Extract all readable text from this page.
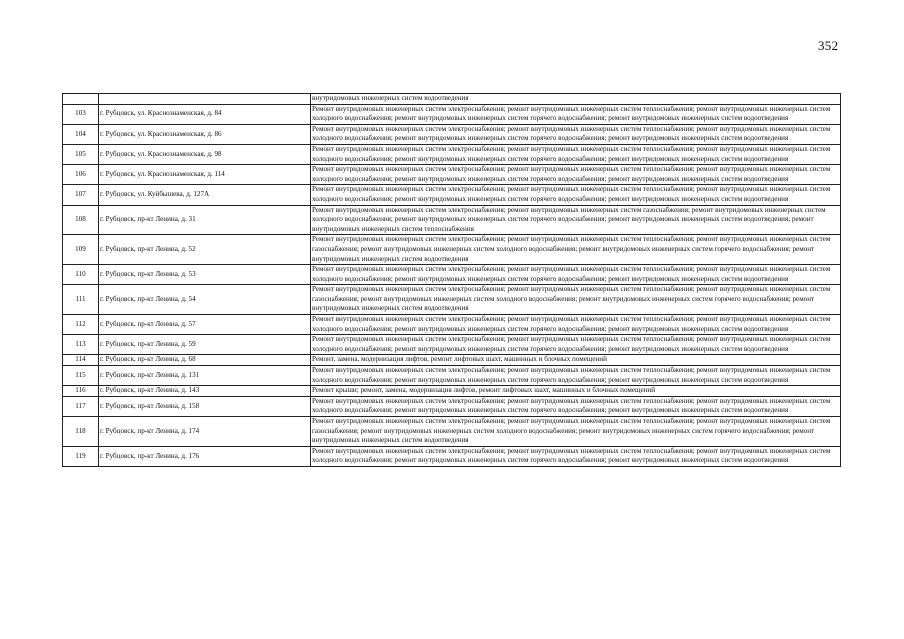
352
		внутридомовых инженерных систем водоотведения
103	г. Рубцовск, ул. Краснознаменская, д. 84	Ремонт внутридомовых инженерных систем электроснабжения; ремонт внутридомовых инженерных систем теплоснабжения; ремонт внутридомовых инженерных систем холодного водоснабжения; ремонт внутридомовых инженерных систем горячего водоснабжения; ремонт внутридомовых инженерных систем водоотведения
104	г. Рубцовск, ул. Краснознаменская, д. 86	Ремонт внутридомовых инженерных систем электроснабжения; ремонт внутридомовых инженерных систем теплоснабжения; ремонт внутридомовых инженерных систем холодного водоснабжения; ремонт внутридомовых инженерных систем горячего водоснабжения; ремонт внутридомовых инженерных систем водоотведения
105	г. Рубцовск, ул. Краснознаменская, д. 98	Ремонт внутридомовых инженерных систем электроснабжения; ремонт внутридомовых инженерных систем теплоснабжения; ремонт внутридомовых инженерных систем холодного водоснабжения; ремонт внутридомовых инженерных систем горячего водоснабжения; ремонт внутридомовых инженерных систем водоотведения
106	г. Рубцовск, ул. Краснознаменская, д. 114	Ремонт внутридомовых инженерных систем электроснабжения; ремонт внутридомовых инженерных систем теплоснабжения; ремонт внутридомовых инженерных систем холодного водоснабжения; ремонт внутридомовых инженерных систем горячего водоснабжения; ремонт внутридомовых инженерных систем водоотведения
107	г. Рубцовск, ул. Куйбышева, д. 127А	Ремонт внутридомовых инженерных систем электроснабжения; ремонт внутридомовых инженерных систем теплоснабжения; ремонт внутридомовых инженерных систем холодного водоснабжения; ремонт внутридомовых инженерных систем горячего водоснабжения; ремонт внутридомовых инженерных систем водоотведения
108	г. Рубцовск, пр-кт Ленина, д. 31	Ремонт внутридомовых инженерных систем электроснабжения; ремонт внутридомовых инженерных систем газоснабжения; ремонт внутридомовых инженерных систем холодного водоснабжения; ремонт внутридомовых инженерных систем горячего водоснабжения; ремонт внутридомовых инженерных систем водоотведения; ремонт внутридомовых инженерных систем теплоснабжения
109	г. Рубцовск, пр-кт Ленина, д. 52	Ремонт внутридомовых инженерных систем электроснабжения; ремонт внутридомовых инженерных систем теплоснабжения; ремонт внутридомовых инженерных систем газоснабжения; ремонт внутридомовых инженерных систем холодного водоснабжения; ремонт внутридомовых инженерных систем горячего водоснабжения; ремонт внутридомовых инженерных систем водоотведения
110	г. Рубцовск, пр-кт Ленина, д. 53	Ремонт внутридомовых инженерных систем электроснабжения; ремонт внутридомовых инженерных систем теплоснабжения; ремонт внутридомовых инженерных систем холодного водоснабжения; ремонт внутридомовых инженерных систем горячего водоснабжения; ремонт внутридомовых инженерных систем водоотведения
111	г. Рубцовск, пр-кт Ленина, д. 54	Ремонт внутридомовых инженерных систем электроснабжения; ремонт внутридомовых инженерных систем теплоснабжения; ремонт внутридомовых инженерных систем газоснабжения; ремонт внутридомовых инженерных систем холодного водоснабжения; ремонт внутридомовых инженерных систем горячего водоснабжения; ремонт внутридомовых инженерных систем водоотведения
112	г. Рубцовск, пр-кт Ленина, д. 57	Ремонт внутридомовых инженерных систем электроснабжения; ремонт внутридомовых инженерных систем теплоснабжения; ремонт внутридомовых инженерных систем холодного водоснабжения; ремонт внутридомовых инженерных систем горячего водоснабжения; ремонт внутридомовых инженерных систем водоотведения
113	г. Рубцовск, пр-кт Ленина, д. 59	Ремонт внутридомовых инженерных систем электроснабжения; ремонт внутридомовых инженерных систем теплоснабжения; ремонт внутридомовых инженерных систем холодного водоснабжения; ремонт внутридомовых инженерных систем горячего водоснабжения; ремонт внутридомовых инженерных систем водоотведения
114	г. Рубцовск, пр-кт Ленина, д. 68	Ремонт, замена, модернизация лифтов, ремонт лифтовых шахт, машинных и блочных помещений
115	г. Рубцовск, пр-кт Ленина, д. 131	Ремонт внутридомовых инженерных систем электроснабжения; ремонт внутридомовых инженерных систем теплоснабжения; ремонт внутридомовых инженерных систем холодного водоснабжения; ремонт внутридомовых инженерных систем горячего водоснабжения; ремонт внутридомовых инженерных систем водоотведения
116	г. Рубцовск, пр-кт Ленина, д. 143	Ремонт крыши; ремонт, замена, модернизация лифтов, ремонт лифтовых шахт, машинных и блочных помещений
117	г. Рубцовск, пр-кт Ленина, д. 158	Ремонт внутридомовых инженерных систем электроснабжения; ремонт внутридомовых инженерных систем теплоснабжения; ремонт внутридомовых инженерных систем холодного водоснабжения; ремонт внутридомовых инженерных систем горячего водоснабжения; ремонт внутридомовых инженерных систем водоотведения
118	г. Рубцовск, пр-кт Ленина, д. 174	Ремонт внутридомовых инженерных систем электроснабжения; ремонт внутридомовых инженерных систем теплоснабжения; ремонт внутридомовых инженерных систем газоснабжения; ремонт внутридомовых инженерных систем холодного водоснабжения; ремонт внутридомовых инженерных систем горячего водоснабжения; ремонт внутридомовых инженерных систем водоотведения
119	г. Рубцовск, пр-кт Ленина, д. 176	Ремонт внутридомовых инженерных систем электроснабжения; ремонт внутридомовых инженерных систем теплоснабжения; ремонт внутридомовых инженерных систем холодного водоснабжения; ремонт внутридомовых инженерных систем горячего водоснабжения; ремонт внутридомовых инженерных систем водоотведения
